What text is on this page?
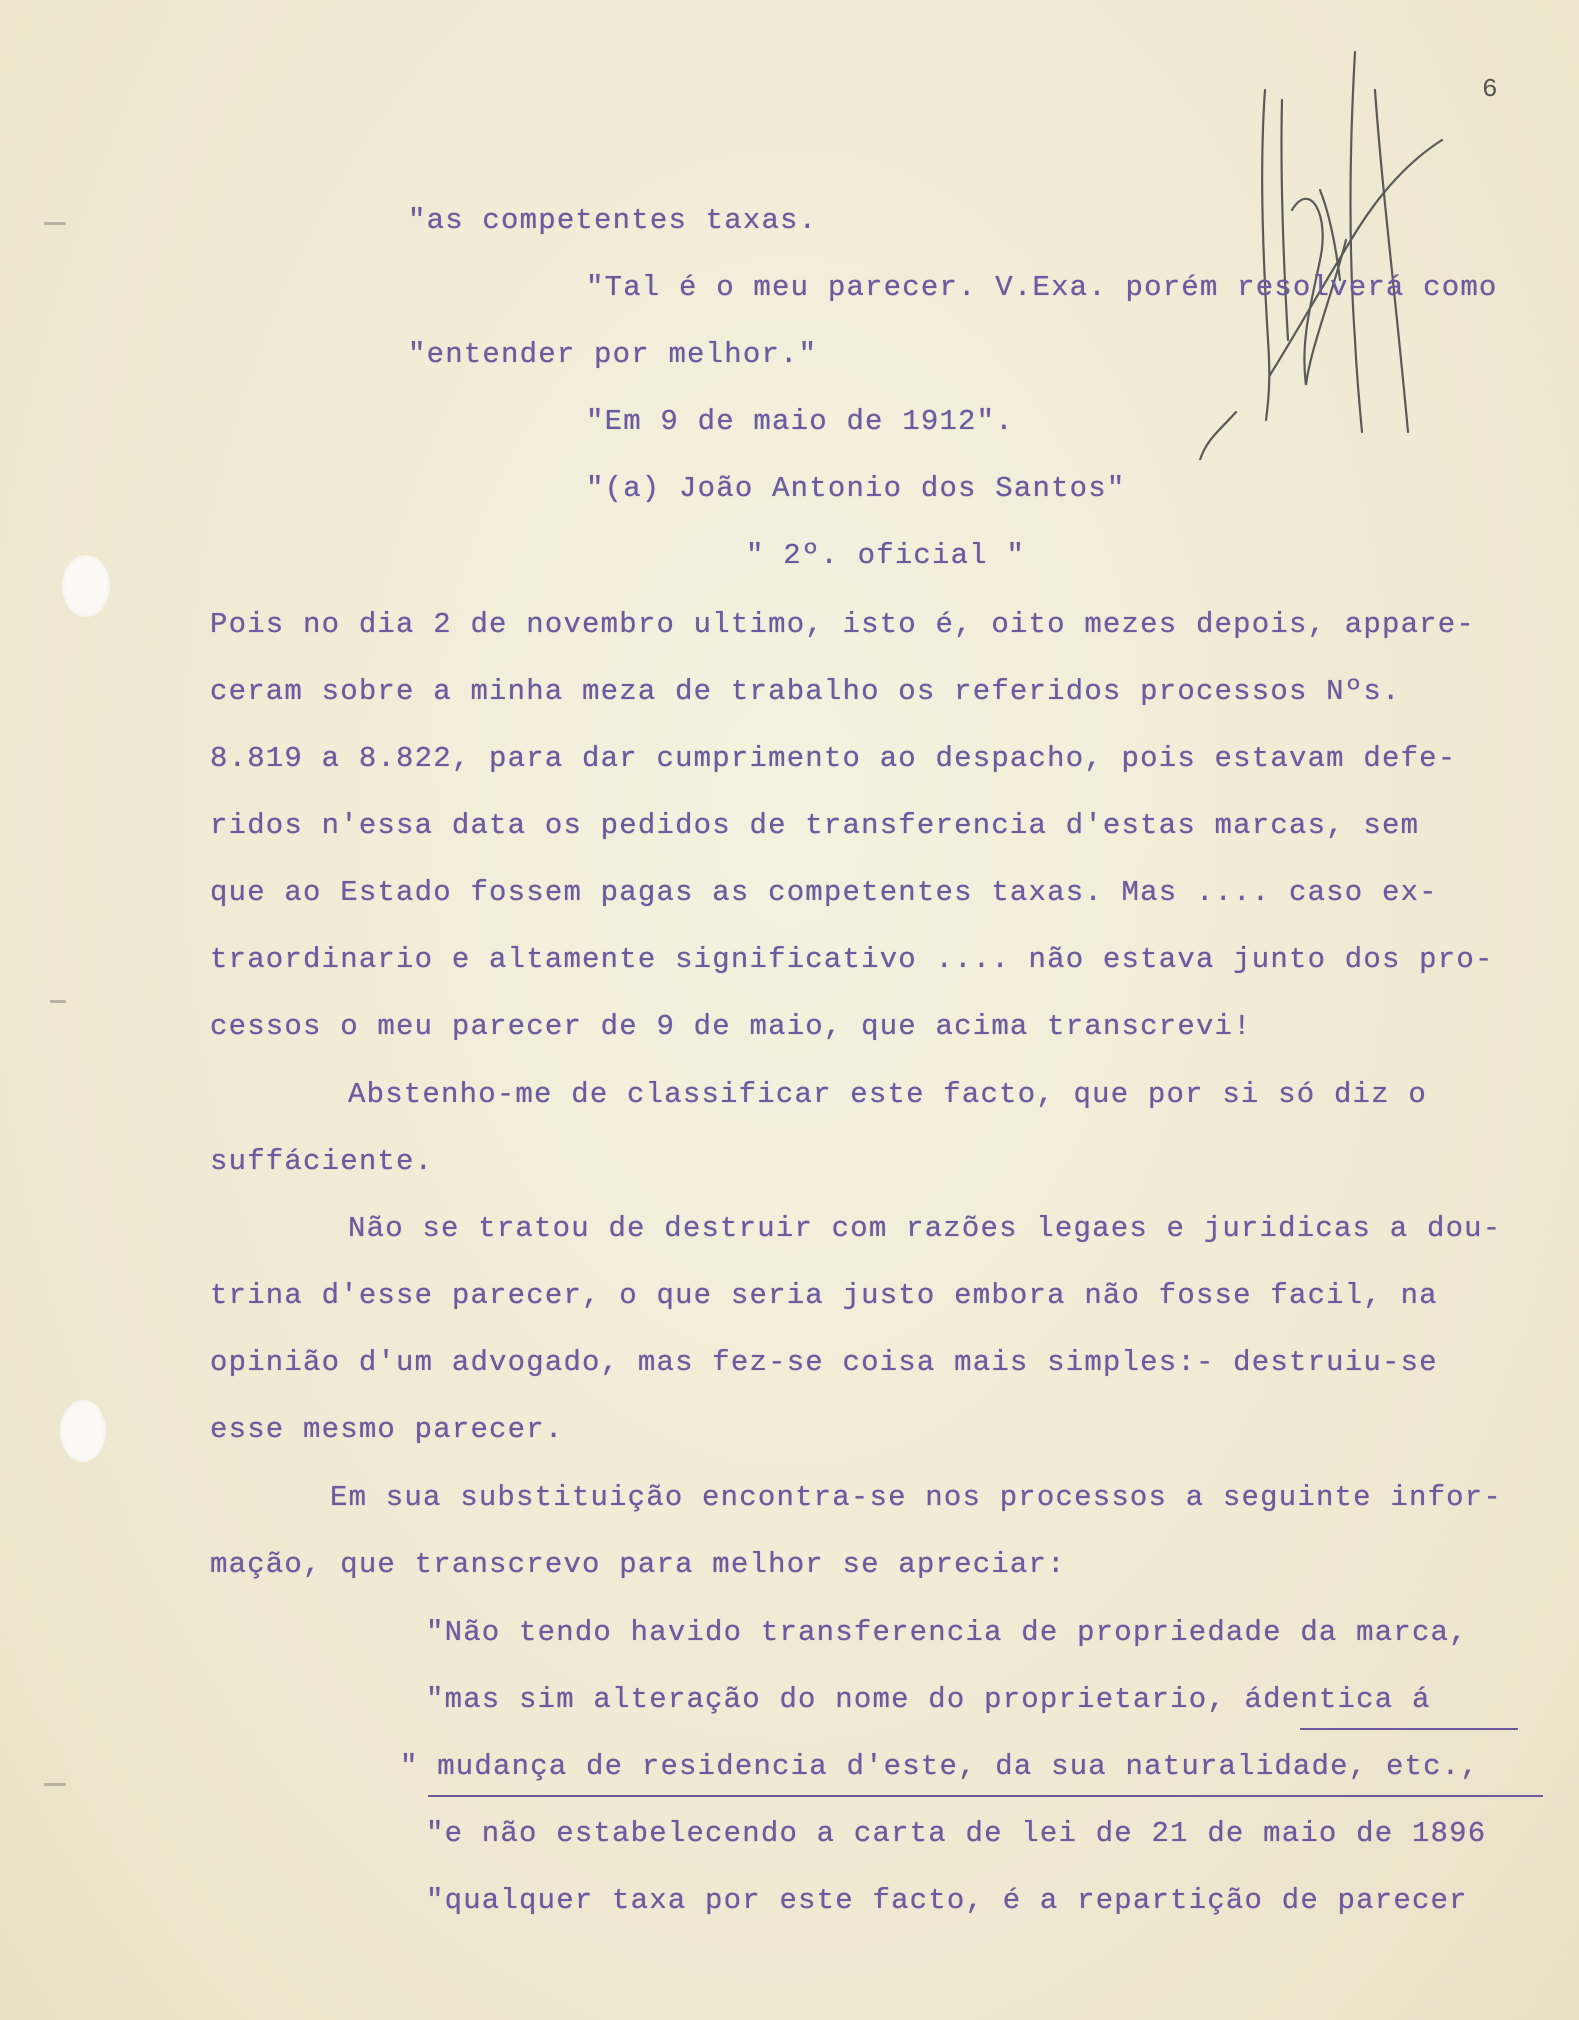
6
"as competentes taxas.
"Tal é o meu parecer. V.Exa. porém resolverá como
"entender por melhor."
"Em 9 de maio de 1912".
"(a) João Antonio dos Santos"
" 2º. oficial "
Pois no dia 2 de novembro ultimo, isto é, oito mezes depois, appare-
ceram sobre a minha meza de trabalho os referidos processos Nºs.
8.819 a 8.822, para dar cumprimento ao despacho, pois estavam defe-
ridos n'essa data os pedidos de transferencia d'estas marcas, sem
que ao Estado fossem pagas as competentes taxas. Mas .... caso ex-
traordinario e altamente significativo .... não estava junto dos pro-
cessos o meu parecer de 9 de maio, que acima transcrevi!
Abstenho-me de classificar este facto, que por si só diz o
suffáciente.
Não se tratou de destruir com razões legaes e juridicas a dou-
trina d'esse parecer, o que seria justo embora não fosse facil, na
opinião d'um advogado, mas fez-se coisa mais simples:- destruiu-se
esse mesmo parecer.
Em sua substituição encontra-se nos processos a seguinte infor-
mação, que transcrevo para melhor se apreciar:
"Não tendo havido transferencia de propriedade da marca,
"mas sim alteração do nome do proprietario, ádentica á
" mudança de residencia d'este, da sua naturalidade, etc.,
"e não estabelecendo a carta de lei de 21 de maio de 1896
"qualquer taxa por este facto, é a repartição de parecer
